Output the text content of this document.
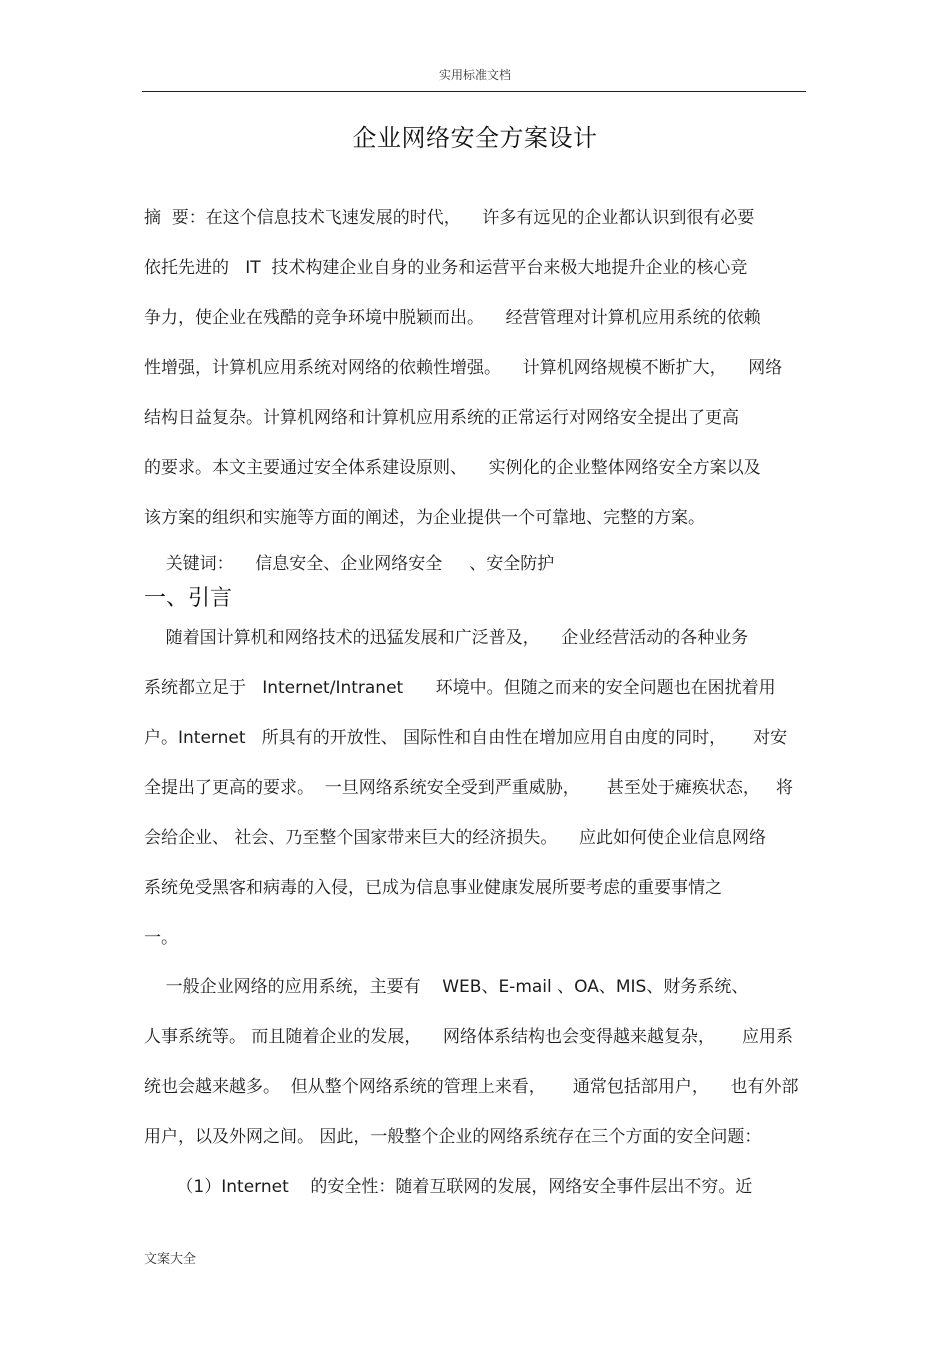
实用标准文档
企业网络安全方案设计
摘  要：在这个信息技术飞速发展的时代，    许多有远见的企业都认识到很有必要
依托先进的   IT  技术构建企业自身的业务和运营平台来极大地提升企业的核心竞
争力，使企业在残酷的竞争环境中脱颖而出。    经营管理对计算机应用系统的依赖
性增强，计算机应用系统对网络的依赖性增强。    计算机网络规模不断扩大，    网络
结构日益复杂。计算机网络和计算机应用系统的正常运行对网络安全提出了更高
的要求。本文主要通过安全体系建设原则、    实例化的企业整体网络安全方案以及
该方案的组织和实施等方面的阐述，为企业提供一个可靠地、完整的方案。
关键词：    信息安全、企业网络安全     、安全防护
一、引言
随着国计算机和网络技术的迅猛发展和广泛普及，    企业经营活动的各种业务
系统都立足于   Internet/Intranet      环境中。但随之而来的安全问题也在困扰着用
户。Internet   所具有的开放性、 国际性和自由性在增加应用自由度的同时，     对安
全提出了更高的要求。  一旦网络系统安全受到严重威胁，     甚至处于瘫痪状态，   将
会给企业、 社会、乃至整个国家带来巨大的经济损失。    应此如何使企业信息网络
系统免受黑客和病毒的入侵，已成为信息事业健康发展所要考虑的重要事情之
一。
一般企业网络的应用系统，主要有    WEB、E-mail 、OA、MIS、财务系统、
人事系统等。 而且随着企业的发展，    网络体系结构也会变得越来越复杂，     应用系
统也会越来越多。  但从整个网络系统的管理上来看，     通常包括部用户，    也有外部
用户，以及外网之间。 因此，一般整个企业的网络系统存在三个方面的安全问题：
（1）Internet    的安全性：随着互联网的发展，网络安全事件层出不穷。近
文案大全
